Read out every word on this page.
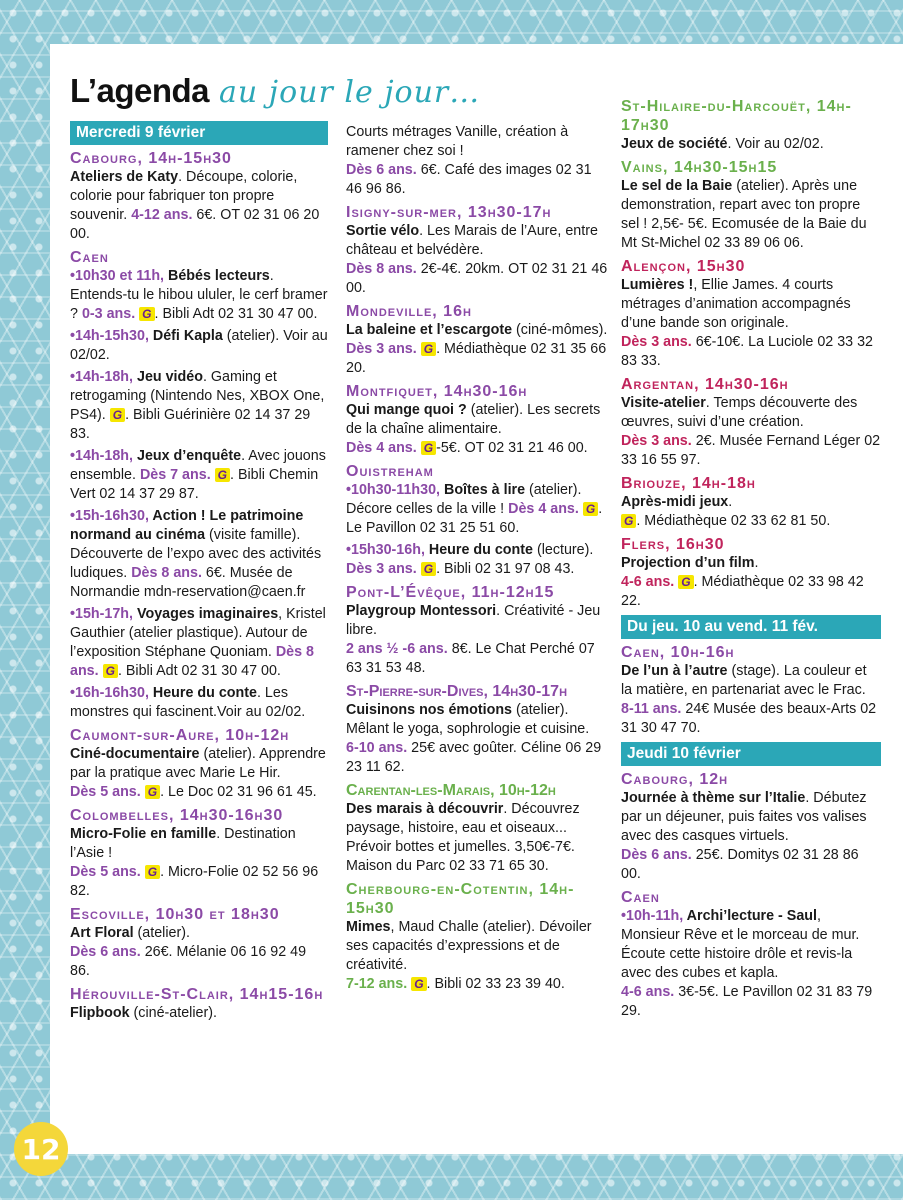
L’agenda au jour le jour…
Mercredi 9 février
Cabourg, 14h-15h30
Ateliers de Katy. Découpe, colorie, colorie pour fabriquer ton propre souvenir. 4-12 ans. 6€. OT 02 31 06 20 00.
Caen
•10h30 et 11h, Bébés lecteurs. Entends-tu le hibou ululer, le cerf bramer ? 0-3 ans. G . Bibli Adt 02 31 30 47 00.
•14h-15h30, Défi Kapla (atelier). Voir au 02/02.
•14h-18h, Jeu vidéo. Gaming et retrogaming (Nintendo Nes, XBOX One, PS4). G . Bibli Guérinière 02 14 37 29 83.
•14h-18h, Jeux d’enquête. Avec jouons ensemble. Dès 7 ans. G . Bibli Chemin Vert 02 14 37 29 87.
•15h-16h30, Action ! Le patrimoine normand au cinéma (visite famille). Découverte de l’expo avec des activités ludiques. Dès 8 ans. 6€. Musée de Normandie mdn-reservation@caen.fr
•15h-17h, Voyages imaginaires, Kristel Gauthier (atelier plastique). Autour de l’exposition Stéphane Quoniam. Dès 8 ans. G . Bibli Adt 02 31 30 47 00.
•16h-16h30, Heure du conte. Les monstres qui fascinent.Voir au 02/02.
Caumont-sur-Aure, 10h-12h
Ciné-documentaire (atelier). Apprendre par la pratique avec Marie Le Hir.
Dès 5 ans. G . Le Doc 02 31 96 61 45.
Colombelles, 14h30-16h30
Micro-Folie en famille. Destination l’Asie !
Dès 5 ans. G . Micro-Folie 02 52 56 96 82.
Escoville, 10h30 et 18h30
Art Floral (atelier).
Dès 6 ans. 26€. Mélanie 06 16 92 49 86.
Hérouville-St-Clair, 14h15-16h
Flipbook (ciné-atelier).
Courts métrages Vanille, création à ramener chez soi !
Dès 6 ans. 6€. Café des images 02 31 46 96 86.
Isigny-sur-mer, 13h30-17h
Sortie vélo. Les Marais de l’Aure, entre château et belvédère.
Dès 8 ans. 2€-4€. 20km. OT 02 31 21 46 00.
Mondeville, 16h
La baleine et l’escargote (ciné-mômes).
Dès 3 ans. G . Médiathèque 02 31 35 66 20.
Montfiquet, 14h30-16h
Qui mange quoi ? (atelier). Les secrets de la chaîne alimentaire.
Dès 4 ans. G -5€. OT 02 31 21 46 00.
Ouistreham
•10h30-11h30, Boîtes à lire (atelier). Décore celles de la ville ! Dès 4 ans. G . Le Pavillon 02 31 25 51 60.
•15h30-16h, Heure du conte (lecture). Dès 3 ans. G . Bibli 02 31 97 08 43.
Pont-L’Évêque, 11h-12h15
Playgroup Montessori. Créativité - Jeu libre.
2 ans ½ -6 ans. 8€. Le Chat Perché 07 63 31 53 48.
St-Pierre-sur-Dives, 14h30-17h
Cuisinons nos émotions (atelier). Mêlant le yoga, sophrologie et cuisine.
6-10 ans. 25€ avec goûter. Céline 06 29 23 11 62.
Carentan-les-Marais, 10h-12h
Des marais à découvrir. Découvrez paysage, histoire, eau et oiseaux... Prévoir bottes et jumelles. 3,50€-7€. Maison du Parc 02 33 71 65 30.
Cherbourg-en-Cotentin, 14h-15h30
Mimes, Maud Challe (atelier). Dévoiler ses capacités d’expressions et de créativité.
7-12 ans. G . Bibli 02 33 23 39 40.
St-Hilaire-du-Harcouët, 14h-17h30
Jeux de société. Voir au 02/02.
Vains, 14h30-15h15
Le sel de la Baie (atelier). Après une demonstration, repart avec ton propre sel ! 2,5€- 5€. Ecomusée de la Baie du Mt St-Michel 02 33 89 06 06.
Alençon, 15h30
Lumières !, Ellie James. 4 courts métrages d’animation accompagnés d’une bande son originale.
Dès 3 ans. 6€-10€. La Luciole 02 33 32 83 33.
Argentan, 14h30-16h
Visite-atelier. Temps découverte des œuvres, suivi d’une création.
Dès 3 ans. 2€. Musée Fernand Léger 02 33 16 55 97.
Briouze, 14h-18h
Après-midi jeux.
G . Médiathèque 02 33 62 81 50.
Flers, 16h30
Projection d’un film.
4-6 ans. G . Médiathèque 02 33 98 42 22.
Du jeu. 10 au vend. 11 fév.
Caen, 10h-16h
De l’un à l’autre (stage). La couleur et la matière, en partenariat avec le Frac.
8-11 ans. 24€ Musée des beaux-Arts 02 31 30 47 70.
Jeudi 10 février
Cabourg, 12h
Journée à thème sur l’Italie. Débutez par un déjeuner, puis faites vos valises avec des casques virtuels.
Dès 6 ans. 25€. Domitys 02 31 28 86 00.
Caen
•10h-11h, Archi’lecture - Saul, Monsieur Rêve et le morceau de mur. Écoute cette histoire drôle et revis-la avec des cubes et kapla.
4-6 ans. 3€-5€. Le Pavillon 02 31 83 79 29.
12
